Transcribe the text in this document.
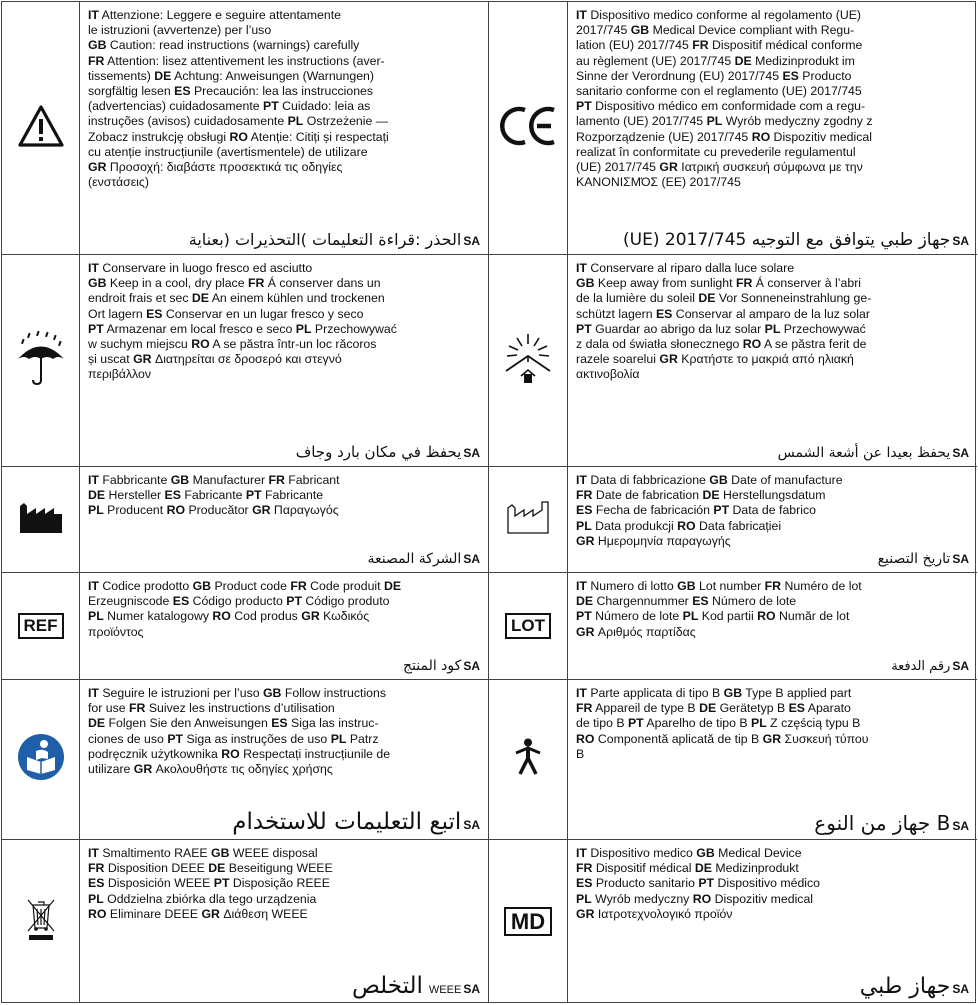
IT Attenzione: Leggere e seguire attentamente
le istruzioni (avvertenze) per l’uso
GB Caution: read instructions (warnings) carefully
FR Attention: lisez attentivement les instructions (aver-
tissements) DE Achtung: Anweisungen (Warnungen)
sorgfältig lesen ES Precaución: lea las instrucciones
(advertencias) cuidadosamente PT Cuidado: leia as
instruções (avisos) cuidadosamente PL Ostrzeżenie —
Zobacz instrukcję obsługi RO Atenție: Citiți și respectați
cu atenție instrucțiunile (avertismentele) de utilizare
GR Προσοχή: διαβάστε προσεκτικά τις οδηγίες
(ενστάσεις)
الحذر :قراءة التعليمات )التحذيرات (بعناية SA
IT Dispositivo medico conforme al regolamento (UE)
2017/745 GB Medical Device compliant with Regu-
lation (EU) 2017/745 FR Dispositif médical conforme
au règlement (UE) 2017/745 DE Medizinprodukt im
Sinne der Verordnung (EU) 2017/745 ES Producto
sanitario conforme con el reglamento (UE) 2017/745
PT Dispositivo médico em conformidade com a regu-
lamento (UE) 2017/745 PL Wyrób medyczny zgodny z
Rozporządzenie (UE) 2017/745 RO Dispozitiv medical
realizat în conformitate cu prevederile regulamentul
(UE) 2017/745 GR Ιατρική συσκευή σύμφωνα με την
ΚΑΝΟΝΙΣΜΌΣ (ΕΕ) 2017/745
جهاز طبي يتوافق مع التوجيه 2017/745 (UE) SA
IT Conservare in luogo fresco ed asciutto
GB Keep in a cool, dry place FR Á conserver dans un
endroit frais et sec DE An einem kühlen und trockenen
Ort lagern ES Conservar en un lugar fresco y seco
PT Armazenar em local fresco e seco PL Przechowywać
w suchym miejscu RO A se păstra într-un loc răcoros
și uscat GR Διατηρείται σε δροσερό και στεγνό
περιβάλλον
يحفظ في مكان بارد وجاف SA
IT Conservare al riparo dalla luce solare
GB Keep away from sunlight FR Á conserver à l’abri
de la lumière du soleil DE Vor Sonneneinstrahlung ge-
schützt lagern ES Conservar al amparo de la luz solar
PT Guardar ao abrigo da luz solar PL Przechowywać
z dala od światła słonecznego RO A se păstra ferit de
razele soarelui GR Κρατήστε το μακριά από ηλιακή
ακτινοβολία
يحفظ بعيدا عن أشعة الشمس SA
IT Fabbricante GB Manufacturer FR Fabricant
DE Hersteller ES Fabricante PT Fabricante
PL Producent RO Producător GR Παραγωγός
الشركة المصنعة SA
IT Data di fabbricazione GB Date of manufacture
FR Date de fabrication DE Herstellungsdatum
ES Fecha de fabricación PT Data de fabrico
PL Data produkcji RO Data fabricației
GR Ημερομηνία παραγωγής
تاريخ التصنيع SA
REF
IT Codice prodotto GB Product code FR Code produit DE
Erzeugniscode ES Código producto PT Código produto
PL Numer katalogowy RO Cod produs GR Κωδικός
προϊόντος
كود المنتج SA
LOT
IT Numero di lotto GB Lot number FR Numéro de lot
DE Chargennummer ES Número de lote
PT Número de lote PL Kod partii RO Număr de lot
GR Αριθμός παρτίδας
رقم الدفعة SA
IT Seguire le istruzioni per l’uso GB Follow instructions
for use FR Suivez les instructions d’utilisation
DE Folgen Sie den Anweisungen ES Siga las instruc-
ciones de uso PT Siga as instruções de uso PL Patrz
podręcznik użytkownika RO Respectați instrucțiunile de
utilizare GR Ακολουθήστε τις οδηγίες χρήσης
اتبع التعليمات للاستخدام SA
IT Parte applicata di tipo B GB Type B applied part
FR Appareil de type B DE Gerätetyp B ES Aparato
de tipo B PT Aparelho de tipo B PL Z częścią typu B
RO Componentă aplicată de tip B GR Συσκευή τύπου
B
B جهاز من النوع SA
IT Smaltimento RAEE GB WEEE disposal
FR Disposition DEEE DE Beseitigung WEEE
ES Disposición WEEE PT Disposição REEE
PL Oddzielna zbiórka dla tego urządzenia
RO Eliminare DEEE GR Διάθεση WEEE
التخلص WEEE SA
MD
IT Dispositivo medico GB Medical Device
FR Dispositif médical DE Medizinprodukt
ES Producto sanitario PT Dispositivo médico
PL Wyrób medyczny RO Dispozitiv medical
GR Ιατροτεχνολογικό προϊόν
جهاز طبي SA
